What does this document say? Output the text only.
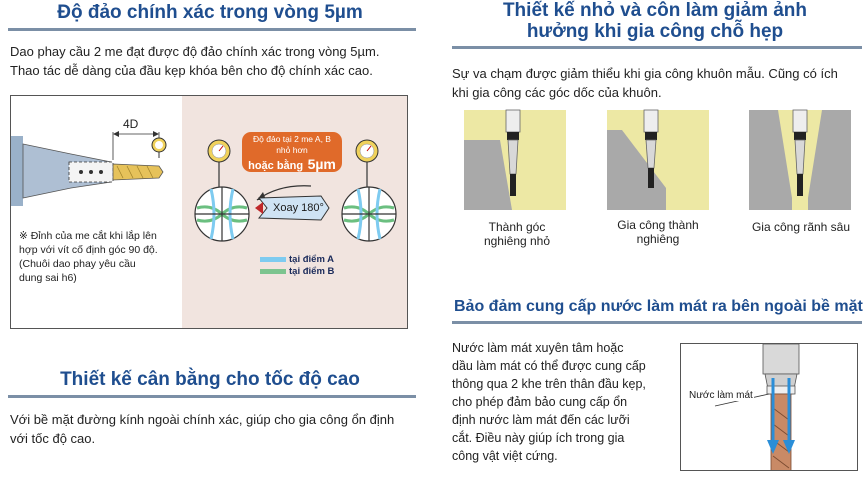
Độ đảo chính xác trong vòng 5µm
Dao phay cầu 2 me đạt được độ đảo chính xác trong vòng 5µm.
Thao tác dễ dàng của đầu kẹp khóa bên cho độ chính xác cao.
4D
※ Đỉnh của me cắt khi lắp lên
hợp với vít cố định góc 90 độ.
(Chuôi dao phay yêu cầu
dung sai h6)
Độ đảo tại 2 me A, B
nhỏ hơn
hoặc bằng 5µm
Xoay 180°
tại điểm A
tại điểm B
Thiết kế cân bằng cho tốc độ cao
Với bề mặt đường kính ngoài chính xác, giúp cho gia công ổn định
với tốc độ cao.
Thiết kế nhỏ và côn làm giảm ảnh
hưởng khi gia công chỗ hẹp
Sự va chạm được giảm thiểu khi gia công khuôn mẫu. Cũng có ích
khi gia công các góc dốc của khuôn.
Thành góc
nghiêng nhỏ
Gia công thành
nghiêng
Gia công rãnh sâu
Bảo đảm cung cấp nước làm mát ra bên ngoài bề mặt
Nước làm mát xuyên tâm hoặc
dầu làm mát có thể được cung cấp
thông qua 2 khe trên thân đầu kẹp,
cho phép đảm bảo cung cấp ổn
định nước làm mát đến các lưỡi
cắt. Điều này giúp ích trong gia
công vật việt cứng.
Nước làm mát
